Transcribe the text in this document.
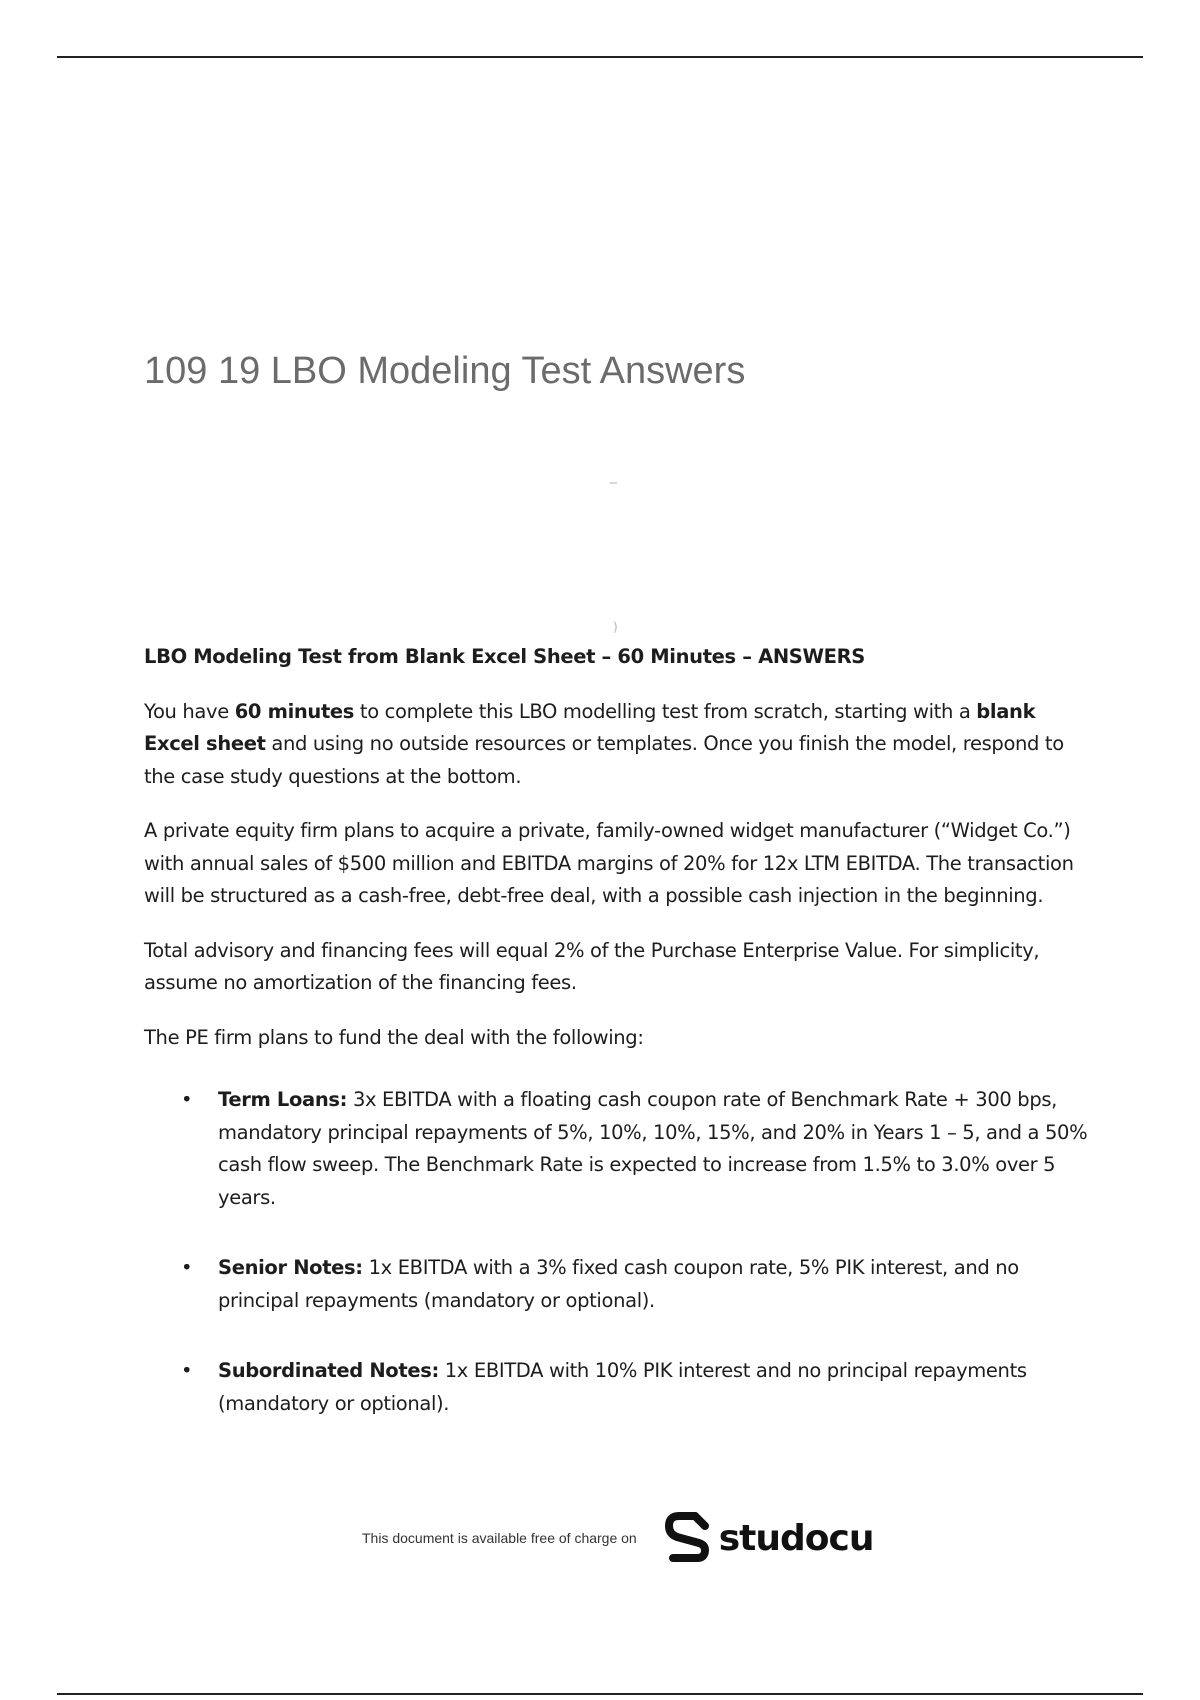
109 19 LBO Modeling Test Answers
_
)

LBO Modeling Test from Blank Excel Sheet – 60 Minutes – ANSWERS

You have 60 minutes to complete this LBO modelling test from scratch, starting with a blank Excel sheet and using no outside resources or templates. Once you finish the model, respond to the case study questions at the bottom.

A private equity firm plans to acquire a private, family-owned widget manufacturer (“Widget Co.”) with annual sales of $500 million and EBITDA margins of 20% for 12x LTM EBITDA. The transaction will be structured as a cash-free, debt-free deal, with a possible cash injection in the beginning.

Total advisory and financing fees will equal 2% of the Purchase Enterprise Value. For simplicity, assume no amortization of the financing fees.

The PE firm plans to fund the deal with the following:

• Term Loans: 3x EBITDA with a floating cash coupon rate of Benchmark Rate + 300 bps, mandatory principal repayments of 5%, 10%, 10%, 15%, and 20% in Years 1 – 5, and a 50% cash flow sweep. The Benchmark Rate is expected to increase from 1.5% to 3.0% over 5 years.
• Senior Notes: 1x EBITDA with a 3% fixed cash coupon rate, 5% PIK interest, and no principal repayments (mandatory or optional).
• Subordinated Notes: 1x EBITDA with 10% PIK interest and no principal repayments (mandatory or optional).
This document is available free of charge on studocu
